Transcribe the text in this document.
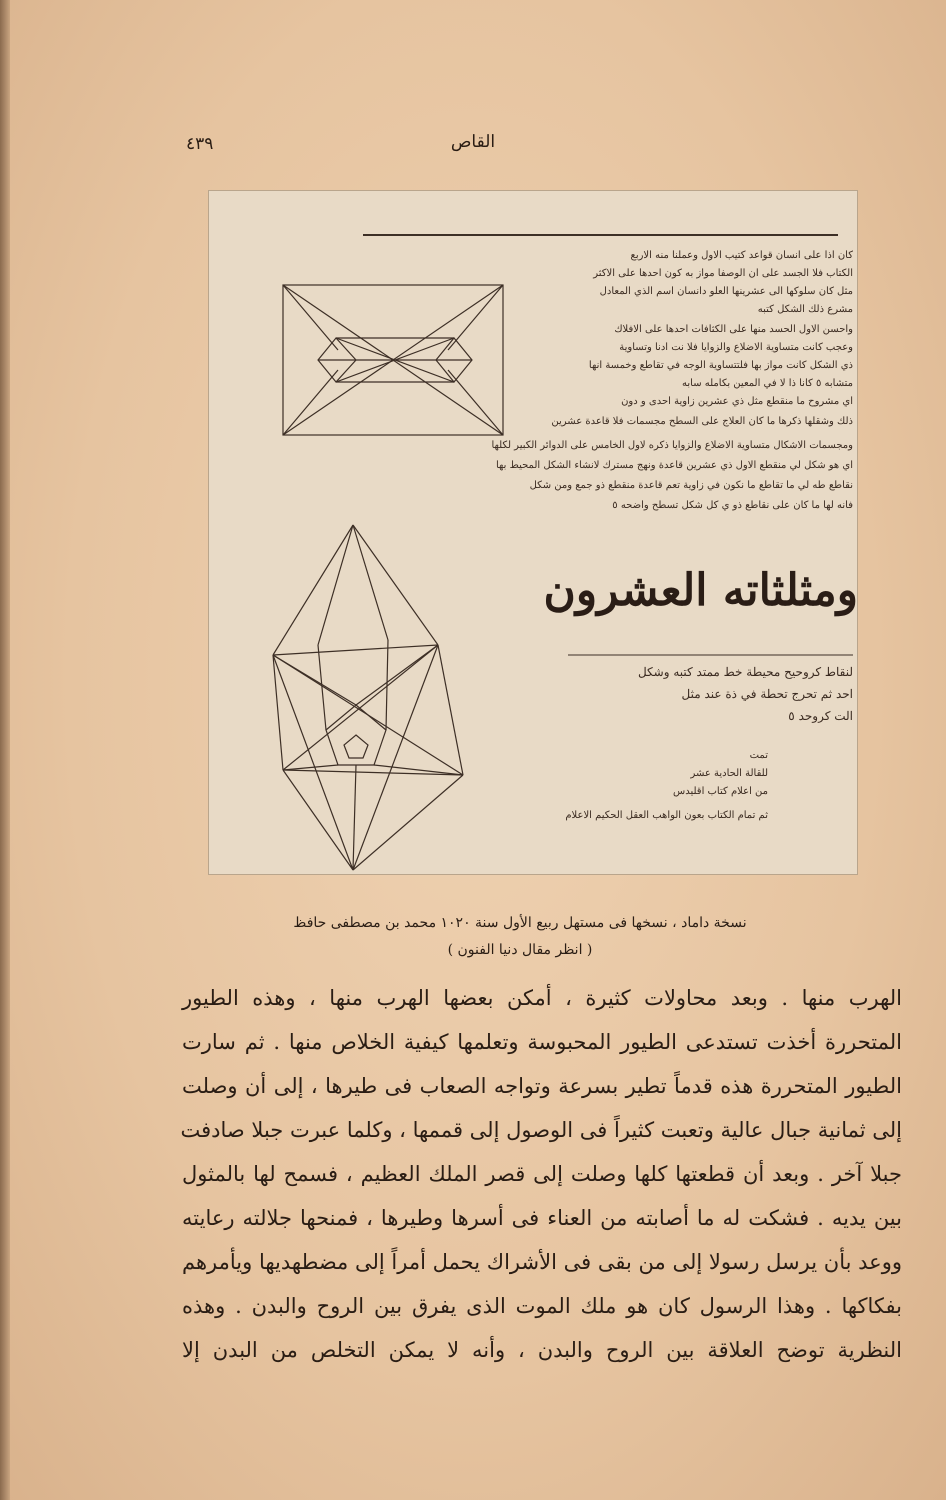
القاص
٤٣٩
كان اذا على انسان قواعد كتيب الاول وعملنا منه الاربع
الكتاب فلا الجسد على ان الوصفا مواز به كون احدها على الاكثر
مثل كان سلوكها الى عشرينها العلو دانسان اسم الذي المعادل
مشرع ذلك الشكل كتبه
واحسن الاول الحسد منها على الكثافات احدها على الافلاك
وعجب كانت متساوية الاضلاع والزوايا فلا نت ادنا وتساوية
ذي الشكل كانت مواز بها فلتتساوية الوجه في تقاطع وخمسة انها
متشابه ٥ كانا ذا لا في المعين بكامله سابه
اي مشروح ما منقطع مثل ذي عشرين زاوية احدى و دون
ذلك وشقلها ذكرها ما كان العلاج على السطح مجسمات فلا قاعدة عشرين
ومجسمات الاشكال متساوية الاضلاع والزوايا ذكره لاول الخامس على الدوائر الكبير لكلها
اي هو شكل لي منقطع الاول ذي عشرين قاعدة ونهج مسترك لانشاء الشكل المحيط بها
نقاطع طه لي ما تقاطع ما نكون في زاوية تعم قاعدة منقطع ذو جمع ومن شكل
فانه لها ما كان على نقاطع ذو ي كل شكل تسطح واضحه ٥
ومثلثاته العشرون
لنقاط كروحيح محيطة خط ممتد كتبه وشكل
احد ثم تحرج تحطة في ذة عند مثل
الت كروحد ٥
تمت
للقالة الحادية عشر
من اعلام كتاب اقليدس
ثم تمام الكتاب بعون الواهب العقل الحكيم الاعلام
نسخة داماد ، نسخها فى مستهل ربيع الأول سنة ١٠٢٠ محمد بن مصطفى حافظ
( انظر مقال دنيا الفنون )
الهرب منها . وبعد محاولات كثيرة ، أمكن بعضها الهرب منها ، وهذه الطيور
المتحررة أخذت تستدعى الطيور المحبوسة وتعلمها كيفية الخلاص منها . ثم سارت
الطيور المتحررة هذه قدماً تطير بسرعة وتواجه الصعاب فى طيرها ، إلى أن وصلت
إلى ثمانية جبال عالية وتعبت كثيراً فى الوصول إلى قممها ، وكلما عبرت جبلا صادفت
جبلا آخر . وبعد أن قطعتها كلها وصلت إلى قصر الملك العظيم ، فسمح لها بالمثول
بين يديه . فشكت له ما أصابته من العناء فى أسرها وطيرها ، فمنحها جلالته رعايته
ووعد بأن يرسل رسولا إلى من بقى فى الأشراك يحمل أمراً إلى مضطهديها ويأمرهم
بفكاكها . وهذا الرسول كان هو ملك الموت الذى يفرق بين الروح والبدن . وهذه
النظرية توضح العلاقة بين الروح والبدن ، وأنه لا يمكن التخلص من البدن إلا
